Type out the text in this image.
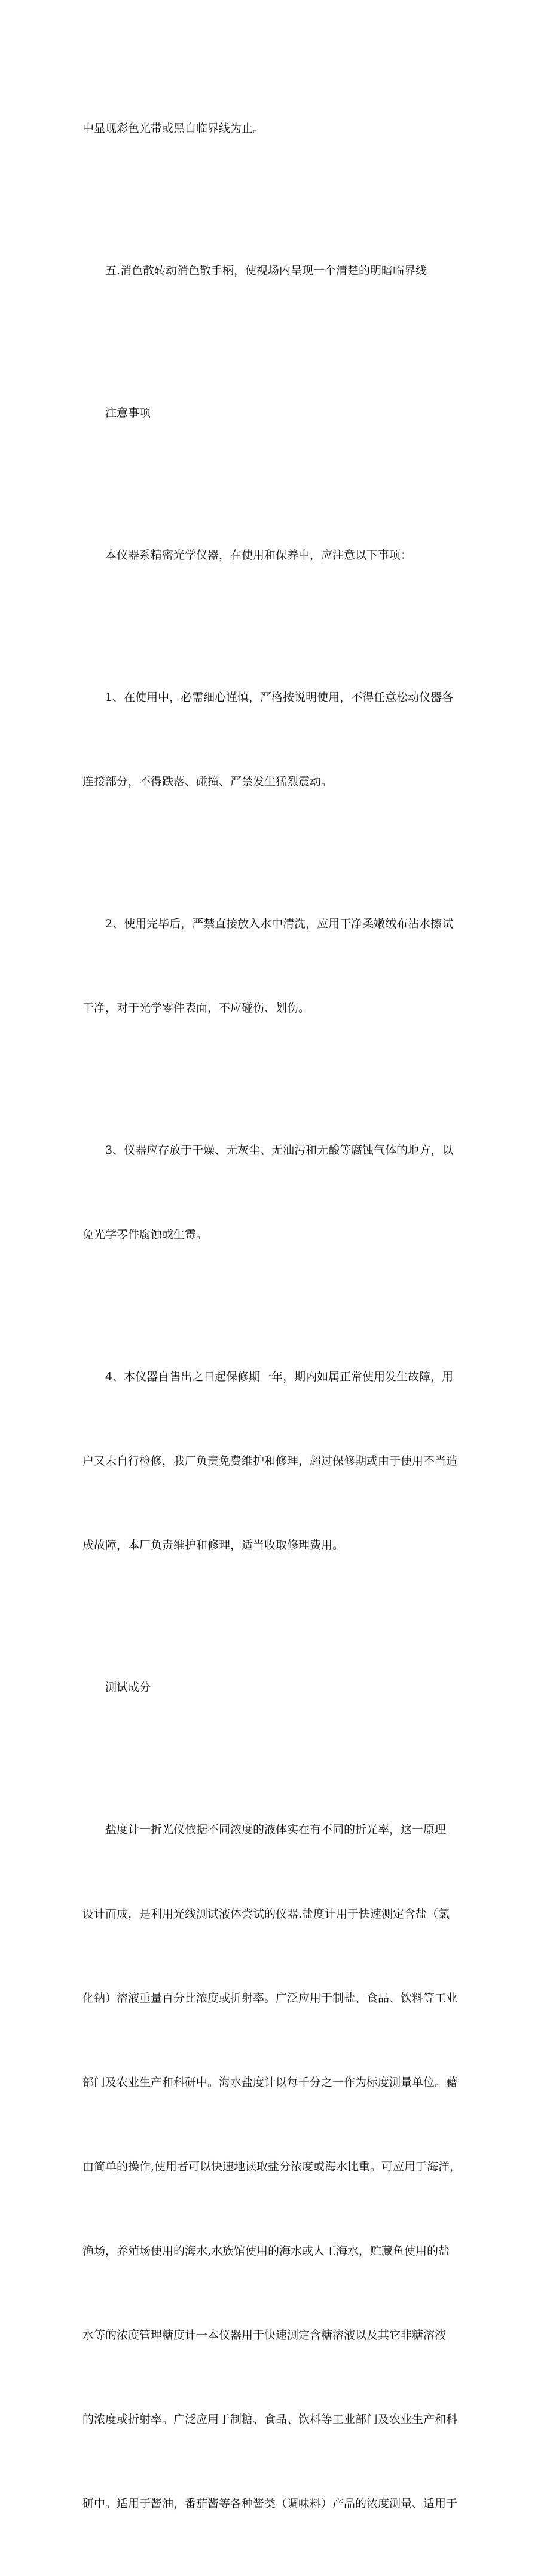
中显现彩色光带或黑白临界线为止。

五.消色散转动消色散手柄，使视场内呈现一个清楚的明暗临界线

注意事项

本仪器系精密光学仪器，在使用和保养中，应注意以下事项：

1、在使用中，必需细心谨慎，严格按说明使用，不得任意松动仪器各

连接部分，不得跌落、碰撞、严禁发生猛烈震动。

2、使用完毕后，严禁直接放入水中清洗，应用干净柔嫩绒布沾水擦试

干净，对于光学零件表面，不应碰伤、划伤。

3、仪器应存放于干燥、无灰尘、无油污和无酸等腐蚀气体的地方，以

免光学零件腐蚀或生霉。

4、本仪器自售出之日起保修期一年，期内如属正常使用发生故障，用

户又未自行检修，我厂负责免费维护和修理，超过保修期或由于使用不当造

成故障，本厂负责维护和修理，适当收取修理费用。

测试成分

盐度计一折光仪依据不同浓度的液体实在有不同的折光率，这一原理

设计而成，是利用光线测试液体尝试的仪器.盐度计用于快速测定含盐（氯

化钠）溶液重量百分比浓度或折射率。广泛应用于制盐、食品、饮料等工业

部门及农业生产和科研中。海水盐度计以每千分之一作为标度测量单位。藉

由简单的操作,使用者可以快速地读取盐分浓度或海水比重。可应用于海洋，

渔场，养殖场使用的海水,水族馆使用的海水或人工海水，贮藏鱼使用的盐

水等的浓度管理糖度计一本仪器用于快速测定含糖溶液以及其它非糖溶液

的浓度或折射率。广泛应用于制糖、食品、饮料等工业部门及农业生产和科

研中。适用于酱油，番茄酱等各种酱类（调味料）产品的浓度测量、适用于
